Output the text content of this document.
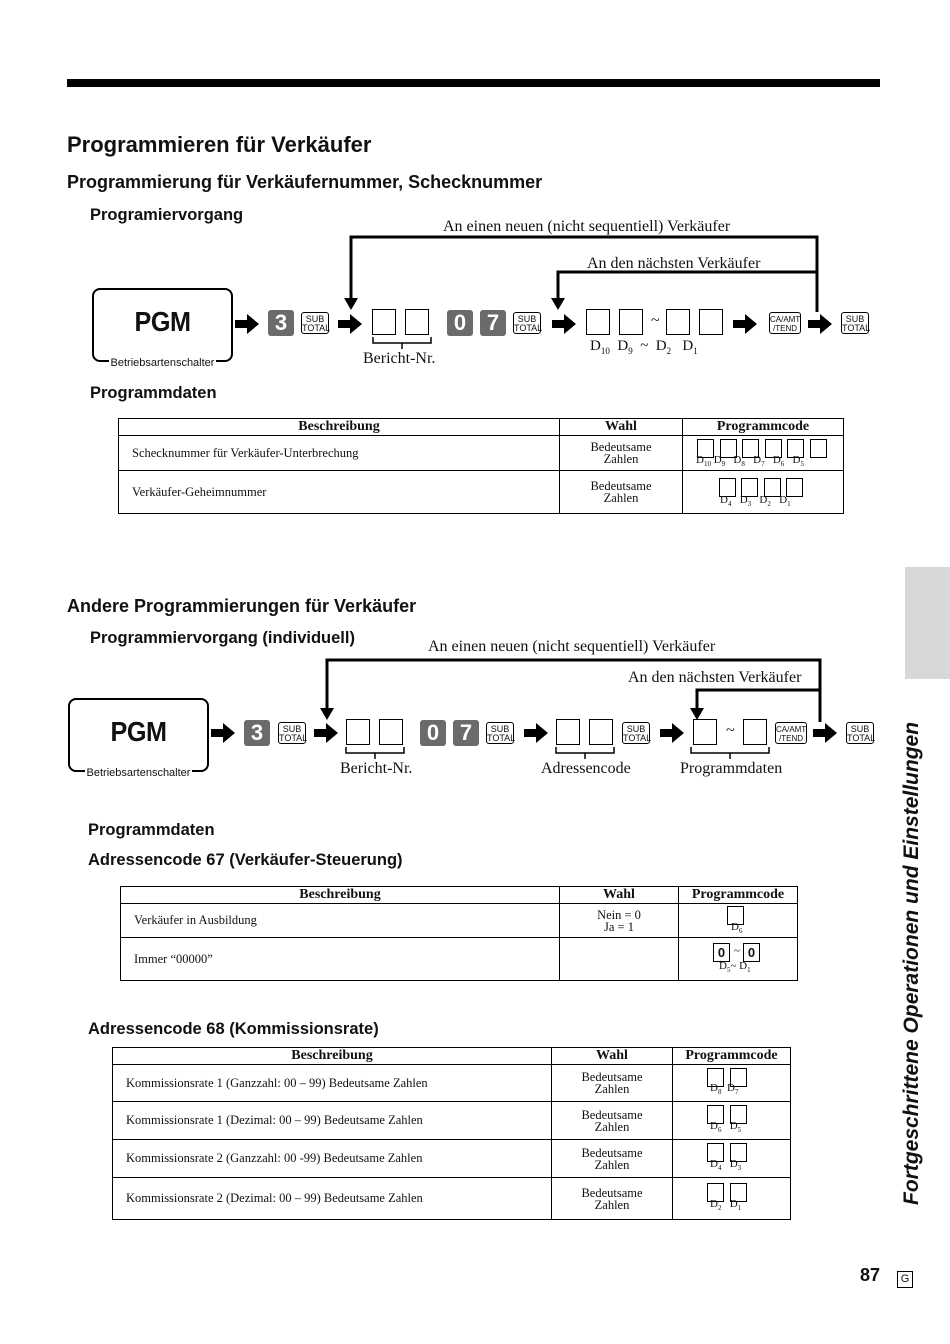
Programmieren für Verkäufer
Programmierung für Verkäufernummer, Schecknummer
Programiervorgang
An einen neuen (nicht sequentiell) Verkäufer
An den nächsten Verkäufer
PGM
Betriebsartenschalter
3	SUB
TOTAL
Bericht-Nr.
0 7	SUB
TOTAL	~
$D_{10}$  $D_9$  ~  $D_2$   $D_1$
CA/AMT
/TEND
SUB
TOTAL
Programmdaten
Beschreibung	Wahl	Programmcode
Schecknummer für Verkäufer-Unterbrechung	Bedeutsame
Zahlen	$D_{10}$ $D_9$   $D_8$   $D_7$   $D_6$   $D_5$

Verkäufer-Geheimnummer	Bedeutsame
Zahlen	$D_4$   $D_3$   $D_2$   $D_1$
Andere Programmierungen für Verkäufer
Programmiervorgang (individuell)	An einen neuen (nicht sequentiell) Verkäufer
An den nächsten Verkäufer
PGM
Betriebsartenschalter
3	SUB
TOTAL
Bericht-Nr.
0 7	SUB
TOTAL
SUB
TOTAL
Adressencode
~
Programmdaten
CA/AMT
/TEND
SUB
TOTAL
Programmdaten
Adressencode 67 (Verkäufer-Steuerung)
Beschreibung	Wahl	Programmcode
Verkäufer in Ausbildung	Nein = 0
Ja = 1	$D_6$

Immer “00000”		0 ~ 0
$D_5\sim$ $D_1$
Adressencode 68 (Kommissionsrate)
Beschreibung	Wahl	Programmcode
Kommissionsrate 1 (Ganzzahl: 00 – 99) Bedeutsame Zahlen	Bedeutsame
Zahlen	$D_8$  $D_7$

Kommissionsrate 1 (Dezimal: 00 – 99) Bedeutsame Zahlen	Bedeutsame
Zahlen	$D_6$   $D_5$

Kommissionsrate 2 (Ganzzahl: 00 -99) Bedeutsame Zahlen	Bedeutsame
Zahlen	$D_4$   $D_3$

Kommissionsrate 2 (Dezimal: 00 – 99) Bedeutsame Zahlen	Bedeutsame
Zahlen	$D_2$   $D_1$
Fortgeschrittene Operationen und Einstellungen
87	G
